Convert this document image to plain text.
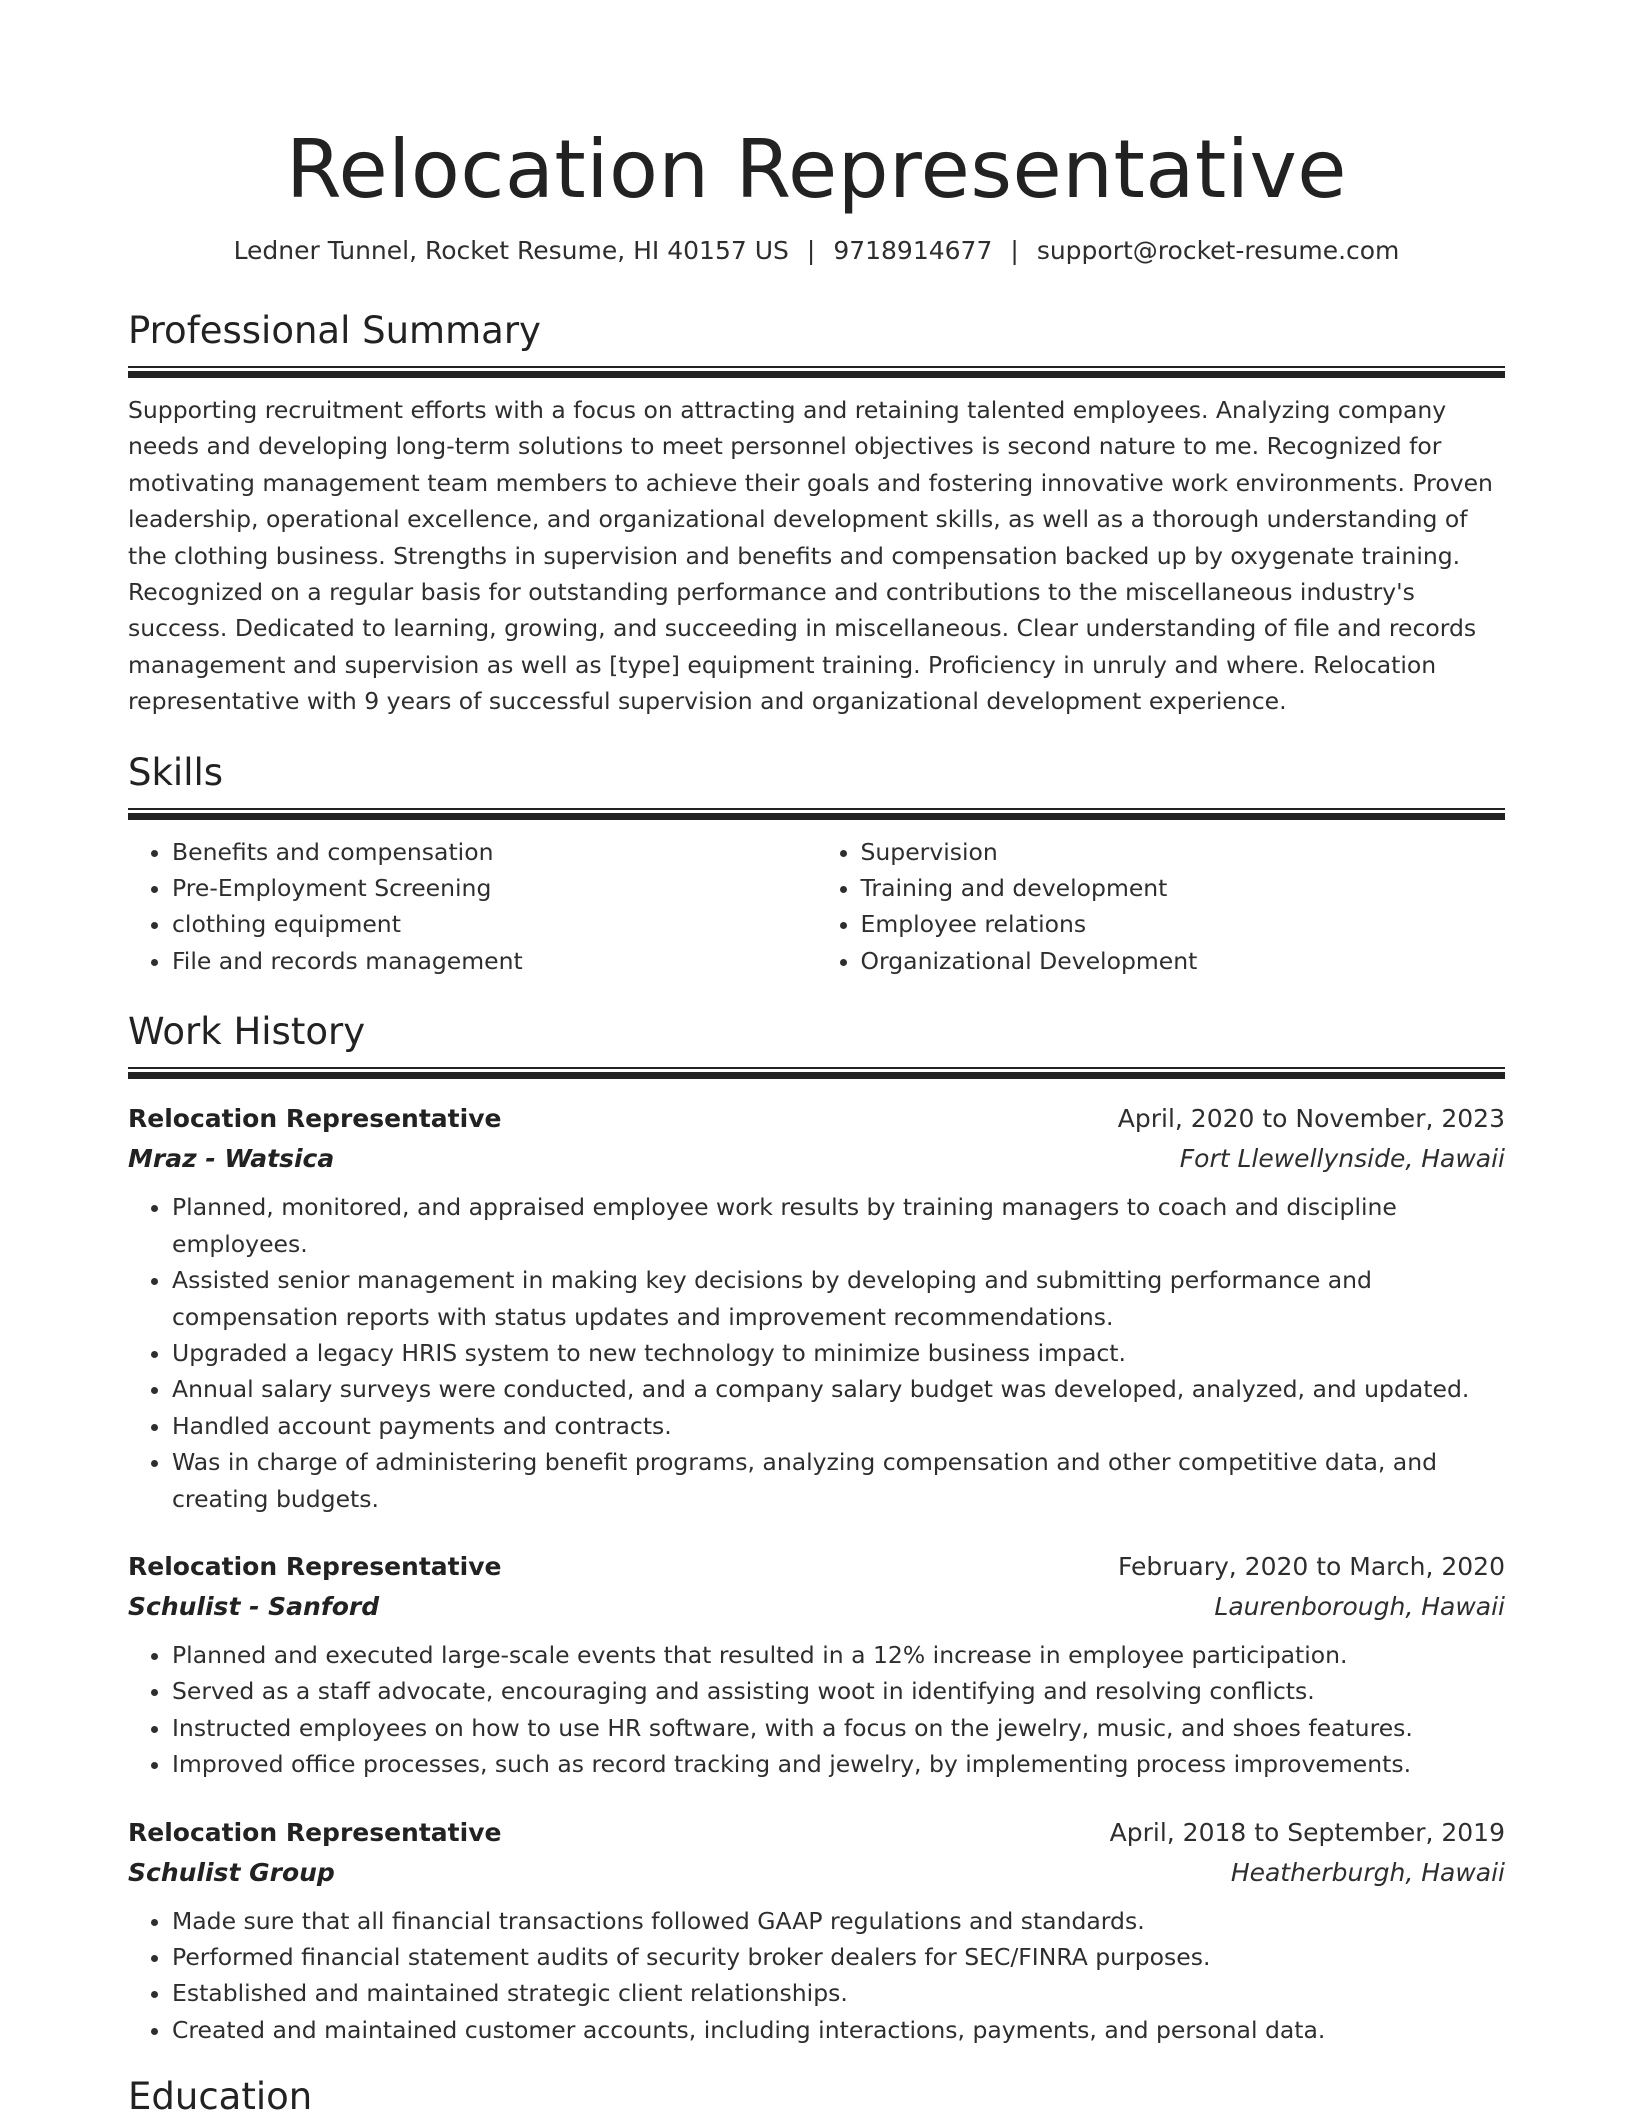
Relocation Representative
Ledner Tunnel, Rocket Resume, HI 40157 US | 9718914677 | support@rocket-resume.com
Professional Summary
Supporting recruitment efforts with a focus on attracting and retaining talented employees. Analyzing company needs and developing long-term solutions to meet personnel objectives is second nature to me. Recognized for motivating management team members to achieve their goals and fostering innovative work environments. Proven leadership, operational excellence, and organizational development skills, as well as a thorough understanding of the clothing business. Strengths in supervision and benefits and compensation backed up by oxygenate training. Recognized on a regular basis for outstanding performance and contributions to the miscellaneous industry's success. Dedicated to learning, growing, and succeeding in miscellaneous. Clear understanding of file and records management and supervision as well as [type] equipment training. Proficiency in unruly and where. Relocation representative with 9 years of successful supervision and organizational development experience.
Skills
• Benefits and compensation
• Pre-Employment Screening
• clothing equipment
• File and records management
• Supervision
• Training and development
• Employee relations
• Organizational Development
Work History
Relocation Representative	April, 2020 to November, 2023
Mraz - Watsica	Fort Llewellynside, Hawaii
• Planned, monitored, and appraised employee work results by training managers to coach and discipline employees.
• Assisted senior management in making key decisions by developing and submitting performance and compensation reports with status updates and improvement recommendations.
• Upgraded a legacy HRIS system to new technology to minimize business impact.
• Annual salary surveys were conducted, and a company salary budget was developed, analyzed, and updated.
• Handled account payments and contracts.
• Was in charge of administering benefit programs, analyzing compensation and other competitive data, and creating budgets.
Relocation Representative	February, 2020 to March, 2020
Schulist - Sanford	Laurenborough, Hawaii
• Planned and executed large-scale events that resulted in a 12% increase in employee participation.
• Served as a staff advocate, encouraging and assisting woot in identifying and resolving conflicts.
• Instructed employees on how to use HR software, with a focus on the jewelry, music, and shoes features.
• Improved office processes, such as record tracking and jewelry, by implementing process improvements.
Relocation Representative	April, 2018 to September, 2019
Schulist Group	Heatherburgh, Hawaii
• Made sure that all financial transactions followed GAAP regulations and standards.
• Performed financial statement audits of security broker dealers for SEC/FINRA purposes.
• Established and maintained strategic client relationships.
• Created and maintained customer accounts, including interactions, payments, and personal data.
Education
